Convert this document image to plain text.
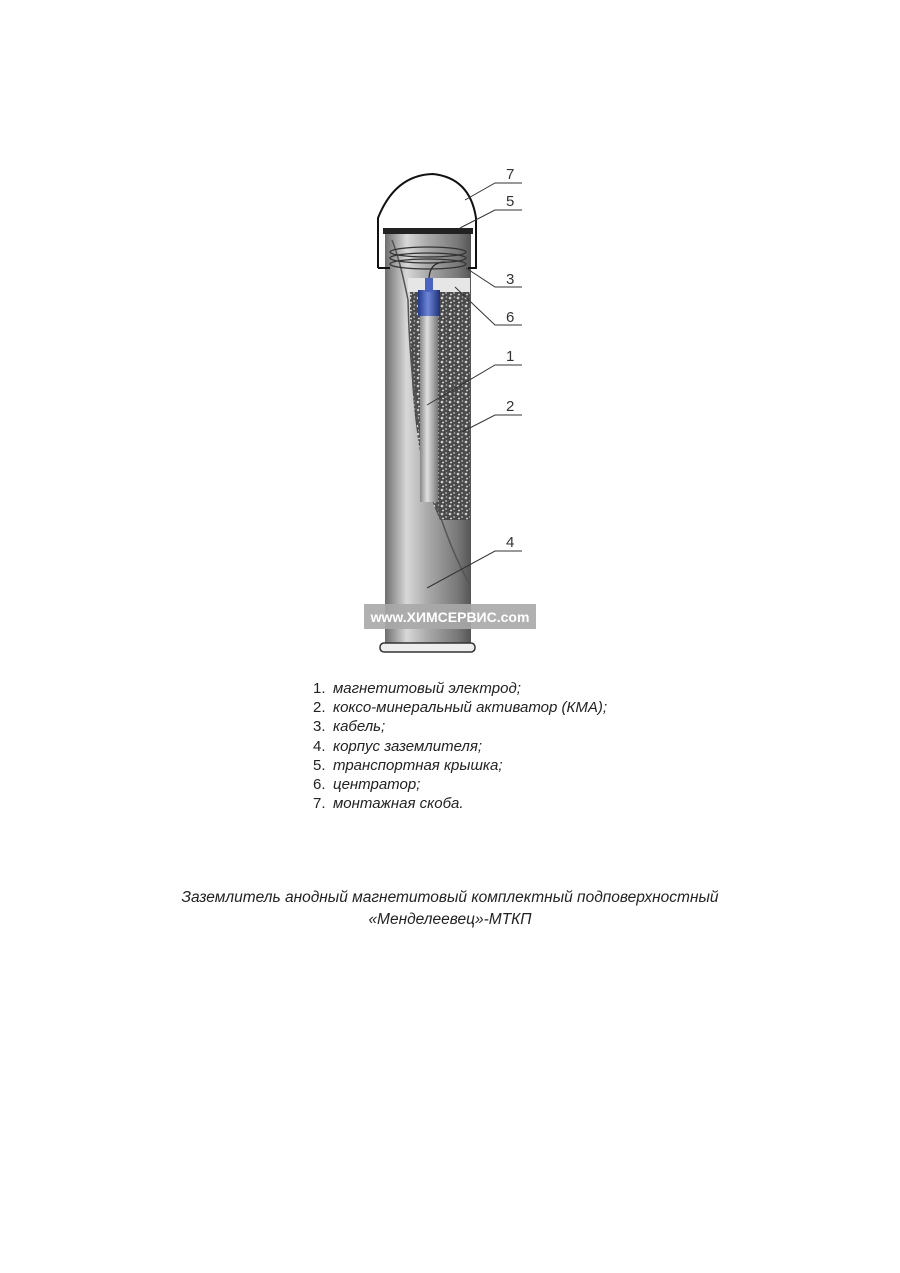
7
5
3
6
1
2
4
www.ХИМСЕРВИС.com
1. магнетитовый электрод;
2. коксо-минеральный активатор (КМА);
3. кабель;
4. корпус заземлителя;
5. транспортная крышка;
6. центратор;
7. монтажная скоба.
Заземлитель анодный магнетитовый комплектный подповерхностный
«Менделеевец»-МТКП
